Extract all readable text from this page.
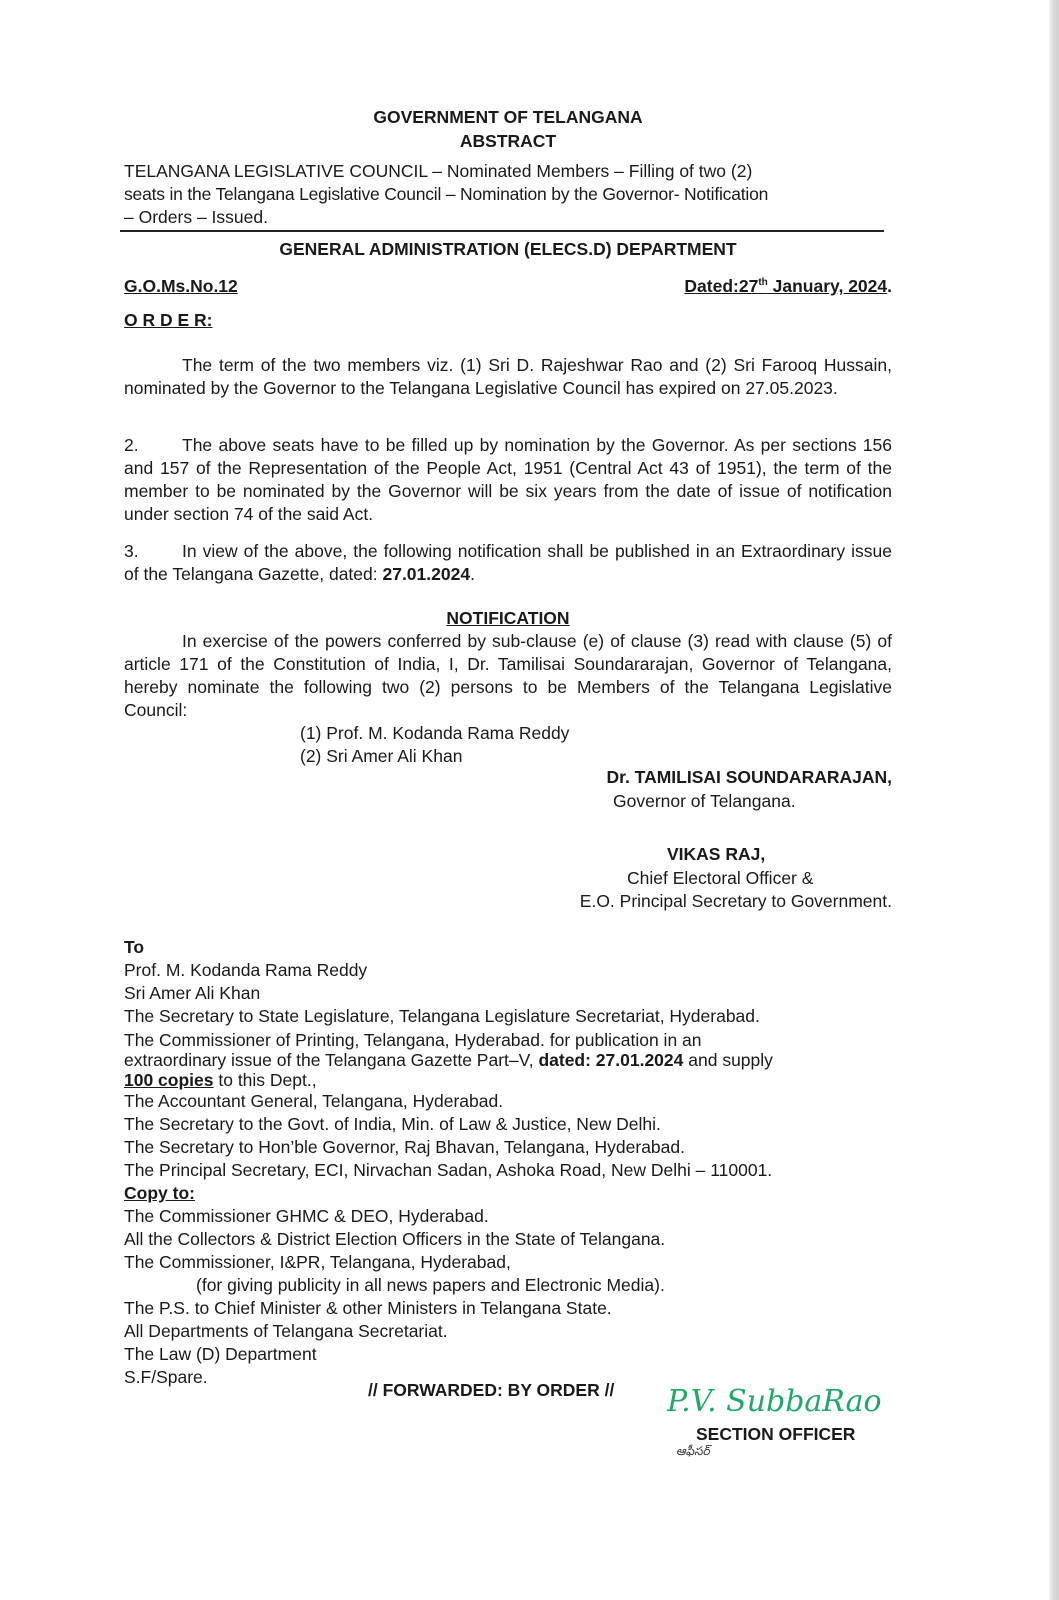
GOVERNMENT OF TELANGANA
ABSTRACT
TELANGANA LEGISLATIVE COUNCIL – Nominated Members – Filling of two (2)
seats in the Telangana Legislative Council – Nomination by the Governor- Notification
– Orders – Issued.
GENERAL ADMINISTRATION (ELECS.D) DEPARTMENT
G.O.Ms.No.12	Dated:27th January, 2024.
O R D E R:
The term of the two members viz. (1) Sri D. Rajeshwar Rao and (2) Sri Farooq Hussain, nominated by the Governor to the Telangana Legislative Council has expired on 27.05.2023.
2. The above seats have to be filled up by nomination by the Governor. As per sections 156 and 157 of the Representation of the People Act, 1951 (Central Act 43 of 1951), the term of the member to be nominated by the Governor will be six years from the date of issue of notification under section 74 of the said Act.
3. In view of the above, the following notification shall be published in an Extraordinary issue of the Telangana Gazette, dated: 27.01.2024.
NOTIFICATION
In exercise of the powers conferred by sub-clause (e) of clause (3) read with clause (5) of article 171 of the Constitution of India, I, Dr. Tamilisai Soundararajan, Governor of Telangana, hereby nominate the following two (2) persons to be Members of the Telangana Legislative Council:
(1) Prof. M. Kodanda Rama Reddy
(2) Sri Amer Ali Khan
Dr. TAMILISAI SOUNDARARAJAN,
Governor of Telangana.
VIKAS RAJ,
Chief Electoral Officer &
E.O. Principal Secretary to Government.
To
Prof. M. Kodanda Rama Reddy
Sri Amer Ali Khan
The Secretary to State Legislature, Telangana Legislature Secretariat, Hyderabad.
The Commissioner of Printing, Telangana, Hyderabad. for publication in an
extraordinary issue of the Telangana Gazette Part–V, dated: 27.01.2024 and supply
100 copies to this Dept.,
The Accountant General, Telangana, Hyderabad.
The Secretary to the Govt. of India, Min. of Law & Justice, New Delhi.
The Secretary to Hon’ble Governor, Raj Bhavan, Telangana, Hyderabad.
The Principal Secretary, ECI, Nirvachan Sadan, Ashoka Road, New Delhi – 110001.
Copy to:
The Commissioner GHMC & DEO, Hyderabad.
All the Collectors & District Election Officers in the State of Telangana.
The Commissioner, I&PR, Telangana, Hyderabad,
(for giving publicity in all news papers and Electronic Media).
The P.S. to Chief Minister & other Ministers in Telangana State.
All Departments of Telangana Secretariat.
The Law (D) Department
S.F/Spare.
// FORWARDED: BY ORDER // P.V. SubbaRao
SECTION OFFICER
ఆఫీసర్
